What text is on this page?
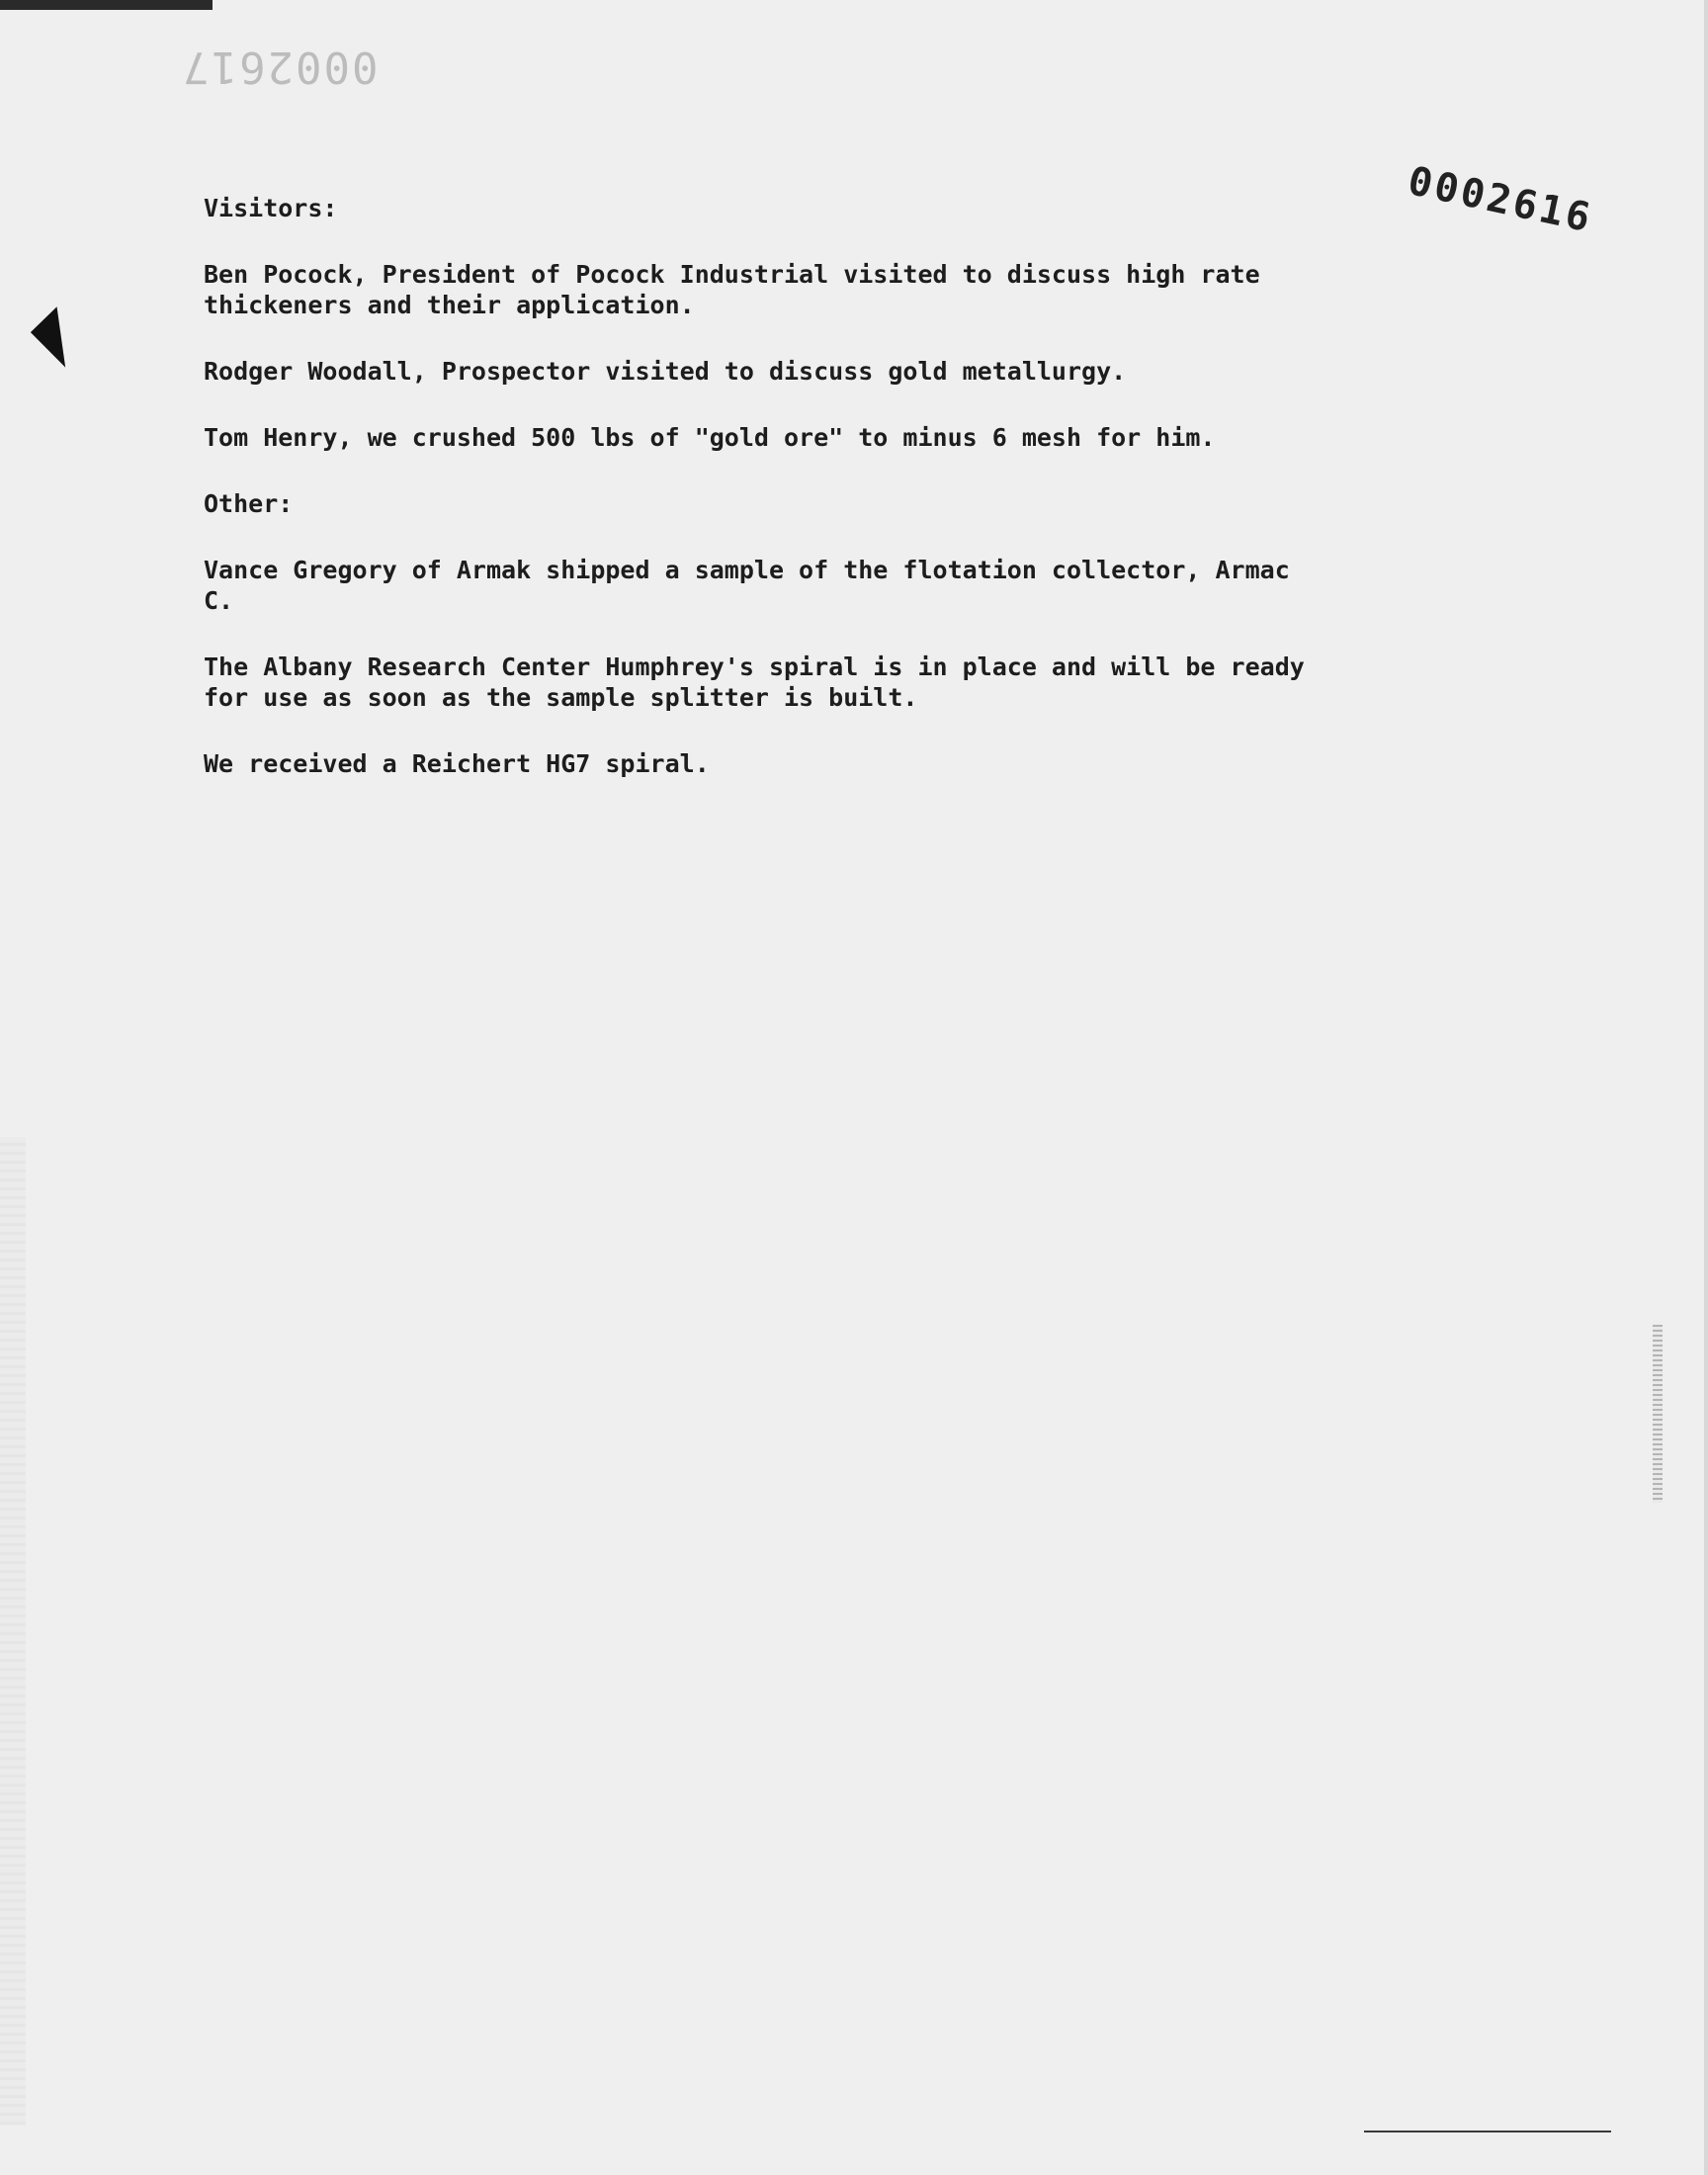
0002617
0002616

Visitors:

Ben Pocock, President of Pocock Industrial visited to discuss high rate thickeners and their application.

Rodger Woodall, Prospector visited to discuss gold metallurgy.

Tom Henry, we crushed 500 lbs of "gold ore" to minus 6 mesh for him.

Other:

Vance Gregory of Armak shipped a sample of the flotation collector, Armac C.

The Albany Research Center Humphrey's spiral is in place and will be ready for use as soon as the sample splitter is built.

We received a Reichert HG7 spiral.
